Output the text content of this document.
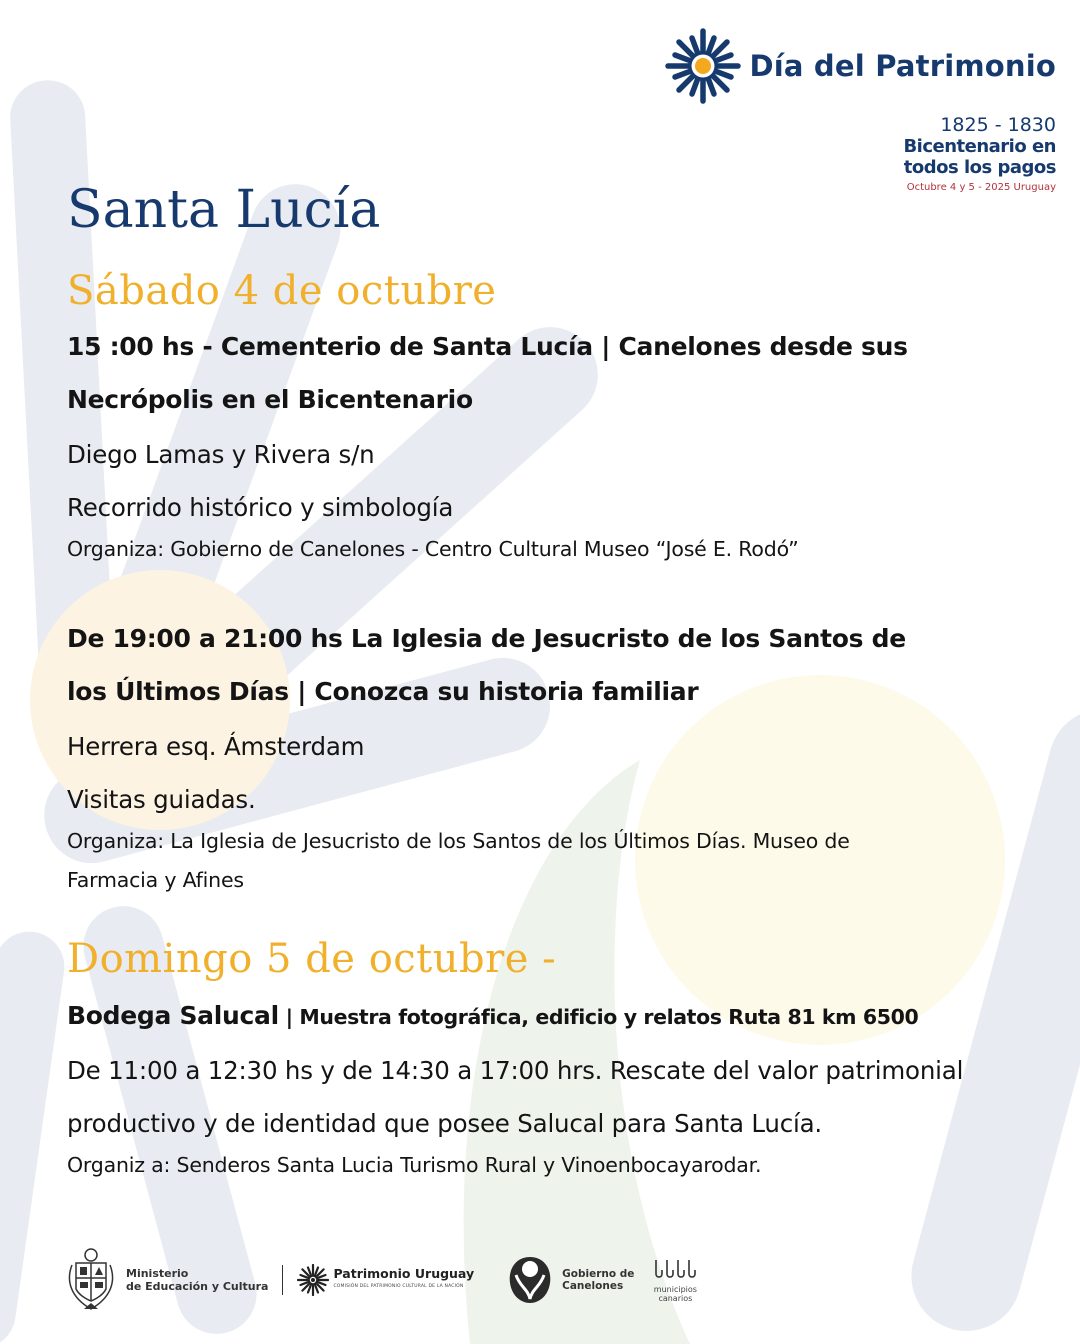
Día del Patrimonio
1825 - 1830
Bicentenario en
todos los pagos
Octubre 4 y 5 - 2025 Uruguay
Santa Lucía
Sábado 4 de octubre
15 :00 hs - Cementerio de Santa Lucía | Canelones desde sus
Necrópolis en el Bicentenario
Diego Lamas y Rivera s/n
Recorrido histórico y simbología
Organiza: Gobierno de Canelones - Centro Cultural Museo “José E. Rodó”
De 19:00 a 21:00 hs La Iglesia de Jesucristo de los Santos de
los Últimos Días | Conozca su historia familiar
Herrera esq. Ámsterdam
Visitas guiadas.
Organiza: La Iglesia de Jesucristo de los Santos de los Últimos Días. Museo de
Farmacia y Afines
Domingo 5 de octubre -
Bodega Salucal | Muestra fotográfica, edificio y relatos Ruta 81 km 6500
De 11:00 a 12:30 hs y de 14:30 a 17:00 hrs. Rescate del valor patrimonial
productivo y de identidad que posee Salucal para Santa Lucía.
Organiz a: Senderos Santa Lucia Turismo Rural y Vinoenbocayarodar.
Ministerio
de Educación y Cultura
Patrimonio Uruguay
COMISIÓN DEL PATRIMONIO CULTURAL DE LA NACIÓN
Gobierno de
Canelones	municipios
canarios
